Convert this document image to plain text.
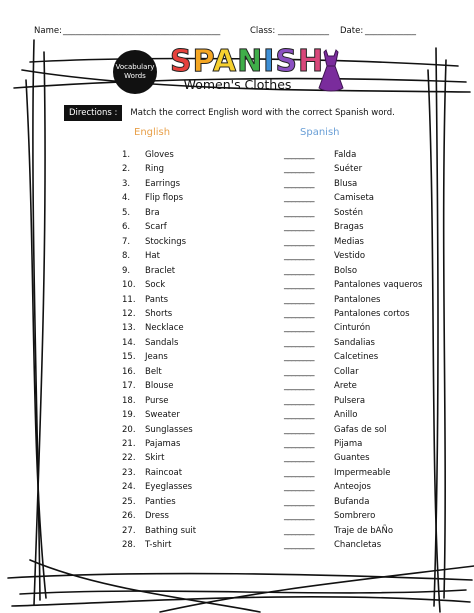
Name: _____________________________________	Class: ____________ Date: ____________
Vocabulary
Words SPANISH
Women's Clothes
Directions :	Match the correct English word with the correct Spanish word.
English	Spanish
1. Gloves	________ Falda
2. Ring	________ Suéter
3. Earrings	________ Blusa
4. Flip flops	________ Camiseta
5. Bra	________ Sostén
6. Scarf	________ Bragas
7. Stockings	________ Medias
8. Hat	________ Vestido
9. Braclet	________ Bolso
10. Sock	________ Pantalones vaqueros
11. Pants	________ Pantalones
12. Shorts	________ Pantalones cortos
13. Necklace	________ Cinturón
14. Sandals	________ Sandalias
15. Jeans	________ Calcetines
16. Belt	________ Collar
17. Blouse	________ Arete
18. Purse	________ Pulsera
19. Sweater	________ Anillo
20. Sunglasses	________ Gafas de sol
21. Pajamas	________ Pijama
22. Skirt	________ Guantes
23. Raincoat	________ Impermeable
24. Eyeglasses	________ Anteojos
25. Panties	________ Bufanda
26. Dress	________ Sombrero
27. Bathing suit	________ Traje de bAÑo
28. T-shirt	________ Chancletas
